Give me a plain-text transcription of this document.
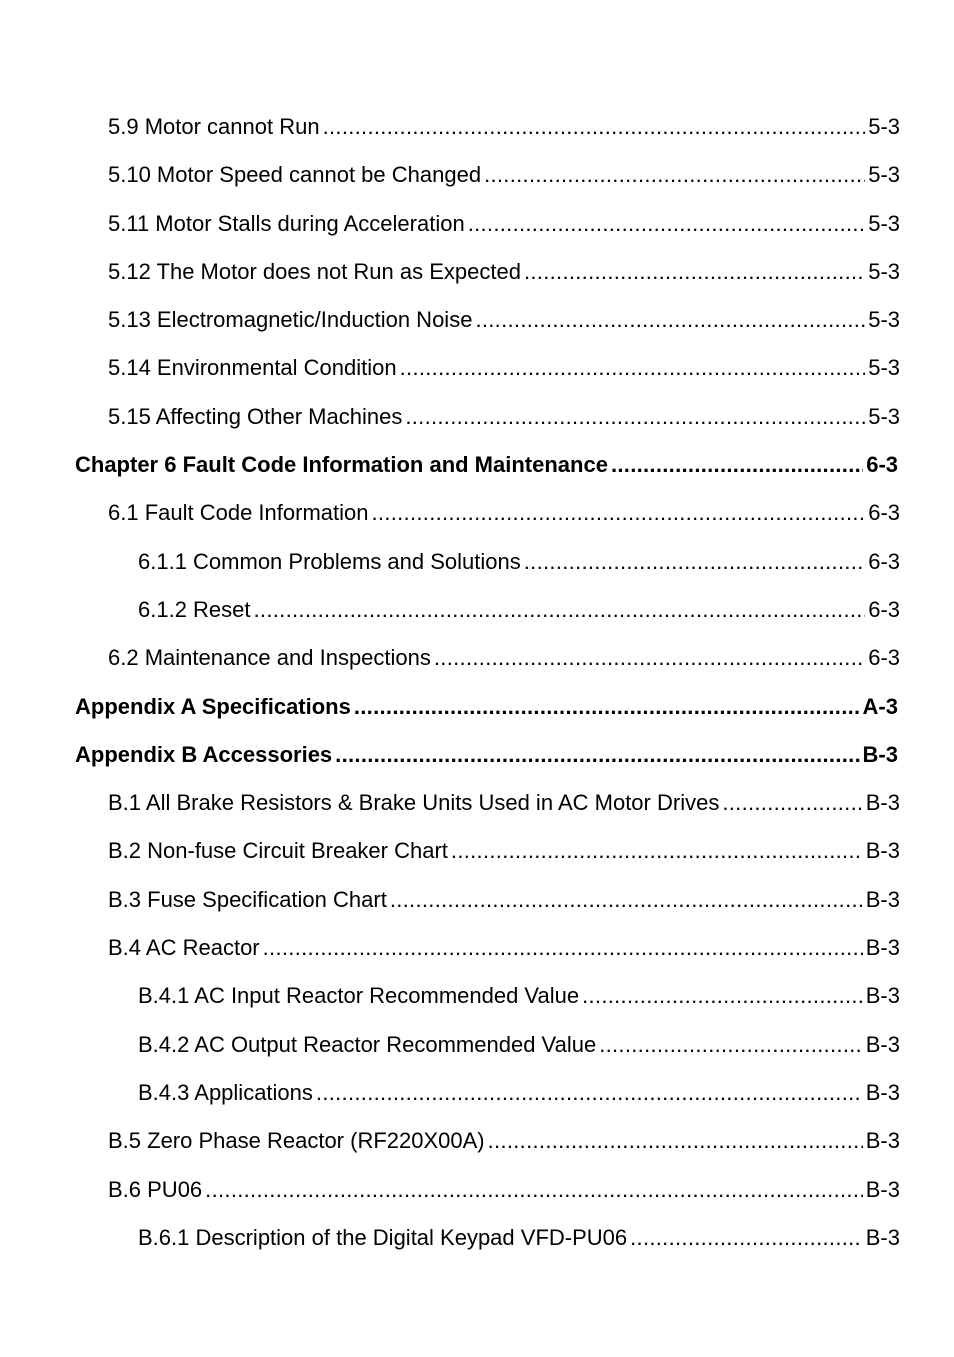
5.9 Motor cannot Run .....	5-3
5.10 Motor Speed cannot be Changed .....	5-3
5.11 Motor Stalls during Acceleration .....	5-3
5.12 The Motor does not Run as Expected .....	5-3
5.13 Electromagnetic/Induction Noise .....	5-3
5.14 Environmental Condition .....	5-3
5.15 Affecting Other Machines .....	5-3
Chapter 6 Fault Code Information and Maintenance .....	6-3
6.1 Fault Code Information .....	6-3
6.1.1 Common Problems and Solutions .....	6-3
6.1.2 Reset .....	6-3
6.2 Maintenance and Inspections .....	6-3
Appendix A Specifications .....	A-3
Appendix B Accessories .....	B-3
B.1 All Brake Resistors & Brake Units Used in AC Motor Drives .....	B-3
B.2 Non-fuse Circuit Breaker Chart .....	B-3
B.3 Fuse Specification Chart .....	B-3
B.4 AC Reactor .....	B-3
B.4.1 AC Input Reactor Recommended Value .....	B-3
B.4.2 AC Output Reactor Recommended Value .....	B-3
B.4.3 Applications .....	B-3
B.5 Zero Phase Reactor (RF220X00A) .....	B-3
B.6 PU06 .....	B-3
B.6.1 Description of the Digital Keypad VFD-PU06 .....	B-3
